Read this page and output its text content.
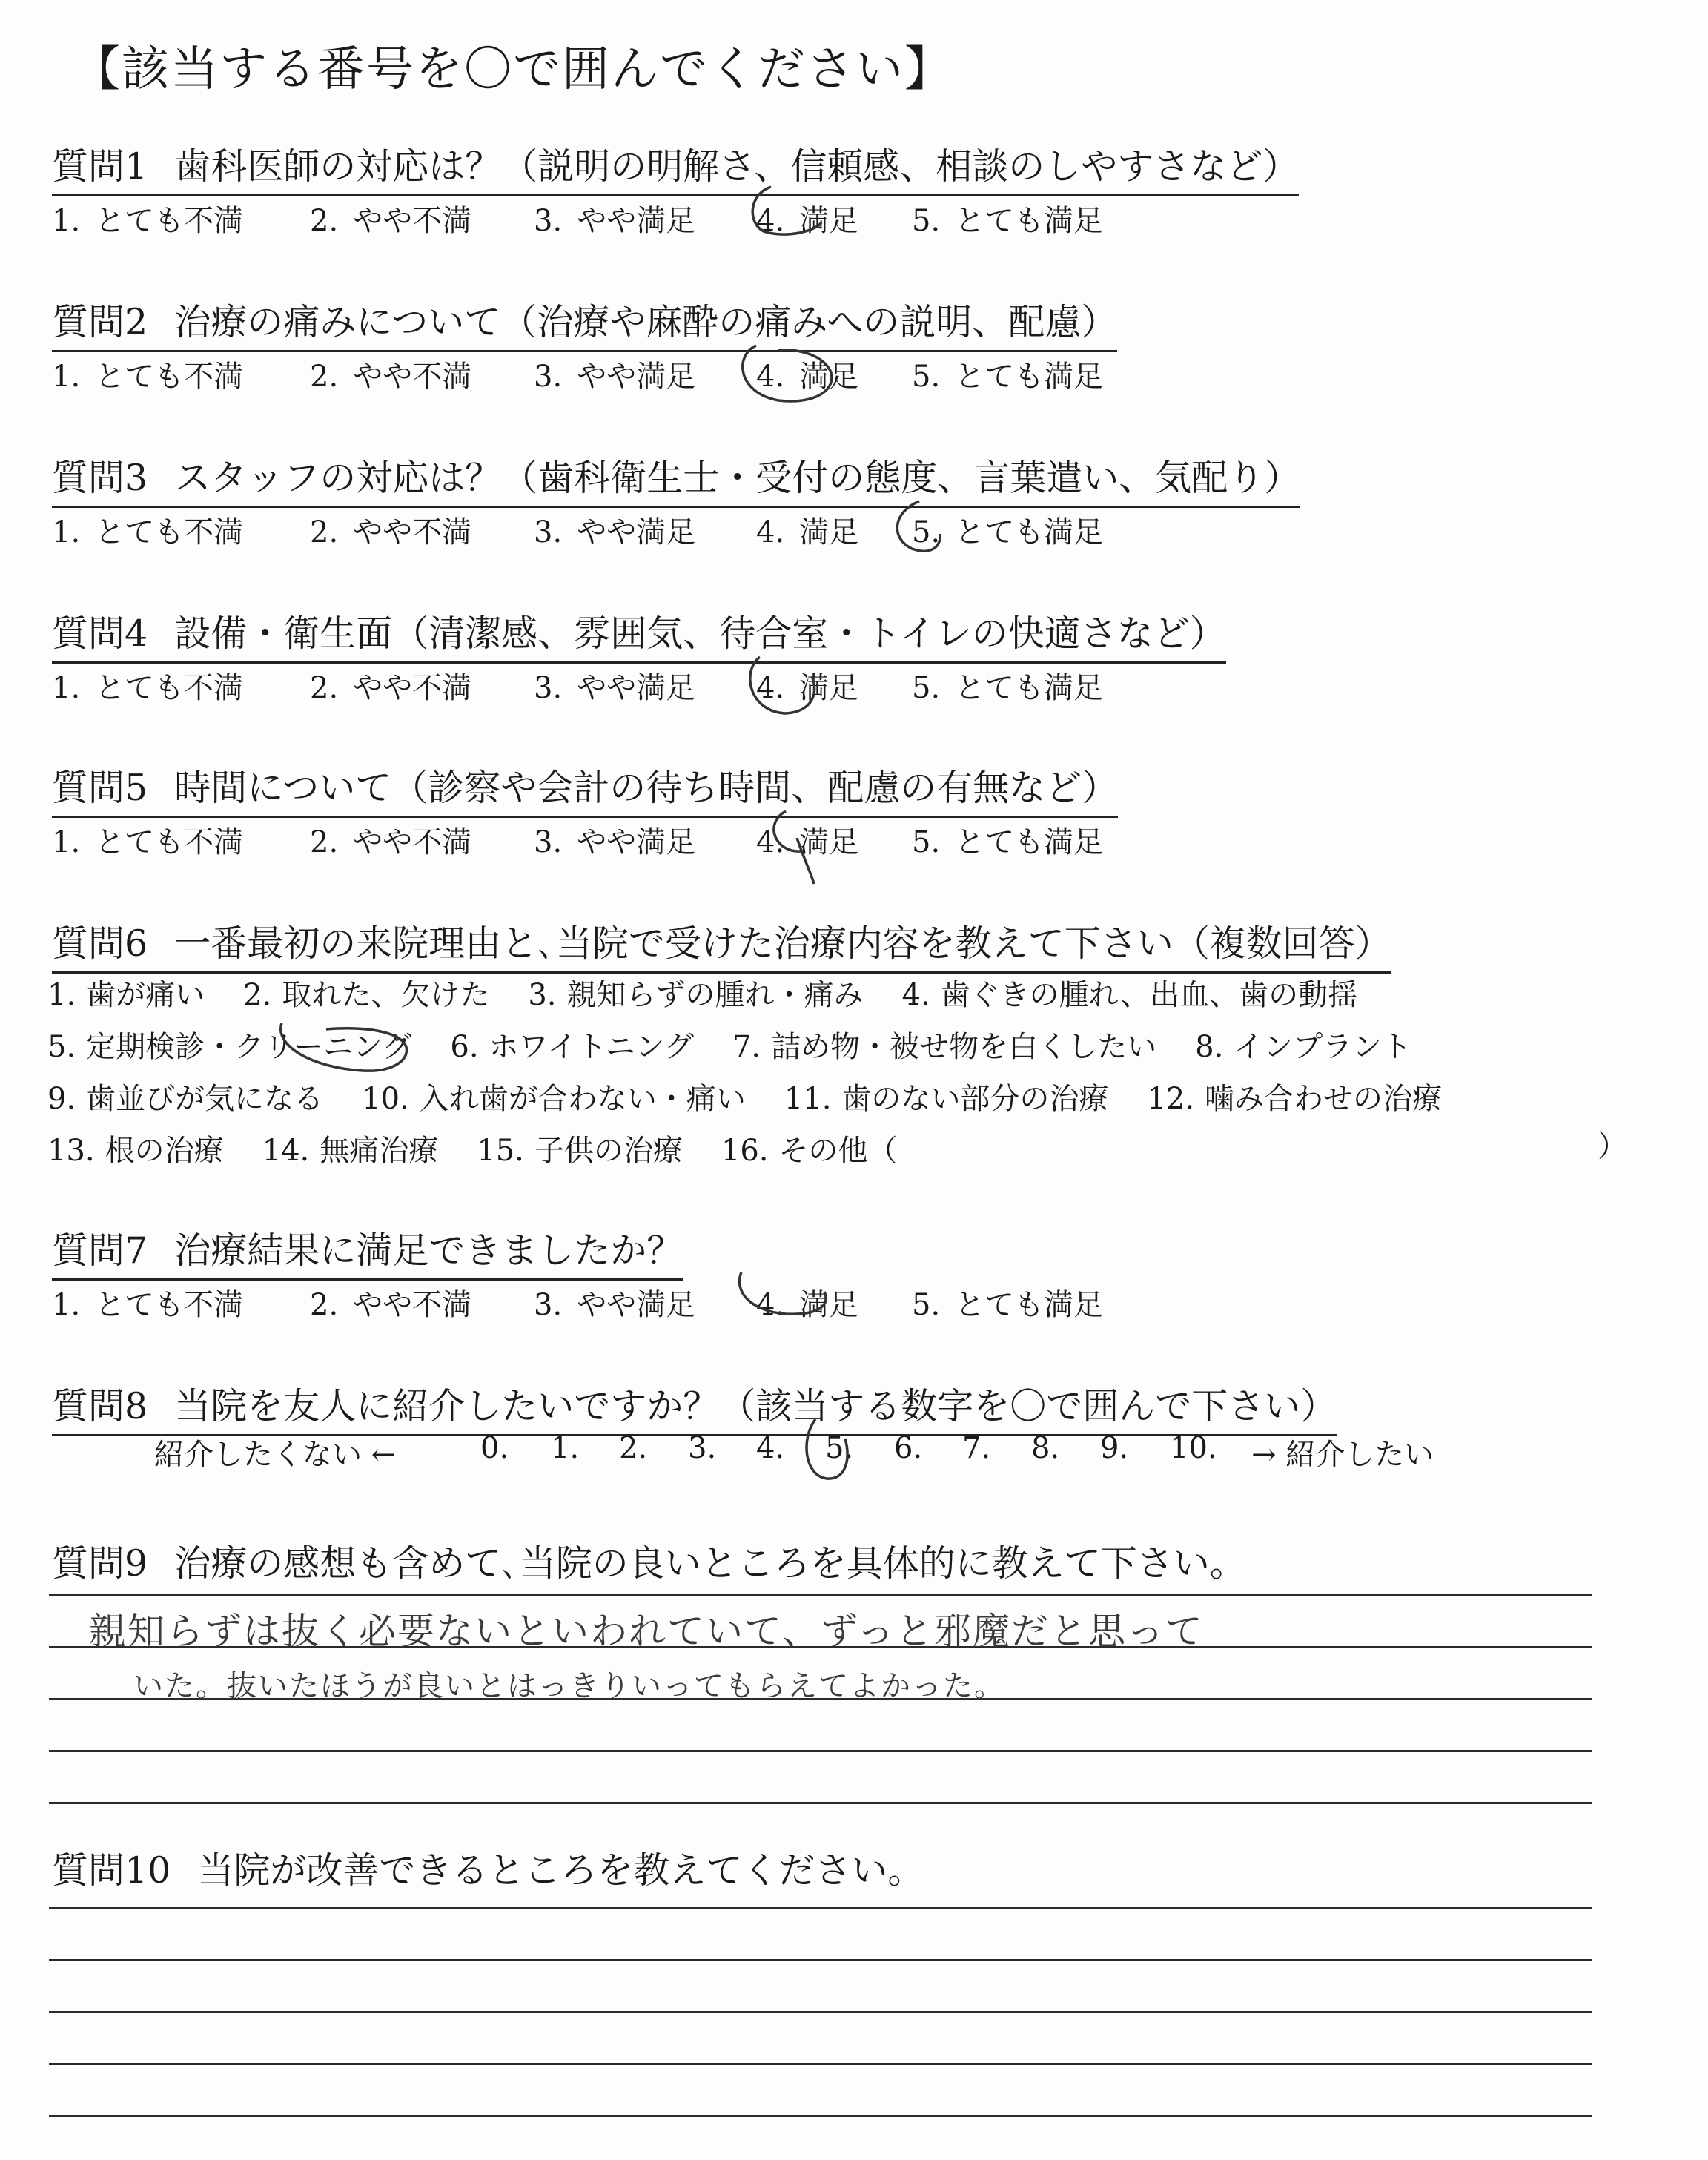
【該当する番号を〇で囲んでください】
質問1 歯科医師の対応は？（説明の明解さ、信頼感、相談のしやすさなど）
1. とても不満 2. やや不満 3. やや満足 4. 満足 5. とても満足
質問2 治療の痛みについて（治療や麻酔の痛みへの説明、配慮）
1. とても不満 2. やや不満 3. やや満足 4. 満足 5. とても満足
質問3 スタッフの対応は？（歯科衛生士・受付の態度、言葉遣い、気配り）
1. とても不満 2. やや不満 3. やや満足 4. 満足 5. とても満足
質問4 設備・衛生面（清潔感、雰囲気、待合室・トイレの快適さなど）
1. とても不満 2. やや不満 3. やや満足 4. 満足 5. とても満足
質問5 時間について（診察や会計の待ち時間、配慮の有無など）
1. とても不満 2. やや不満 3. やや満足 4. 満足 5. とても満足
質問6 一番最初の来院理由と､当院で受けた治療内容を教えて下さい（複数回答）
1. 歯が痛い 2. 取れた、欠けた 3. 親知らずの腫れ・痛み 4. 歯ぐきの腫れ、出血、歯の動揺
5. 定期検診・クリーニング 6. ホワイトニング 7. 詰め物・被せ物を白くしたい 8. インプラント
9. 歯並びが気になる 10. 入れ歯が合わない・痛い 11. 歯のない部分の治療 12. 噛み合わせの治療
13. 根の治療 14. 無痛治療 15. 子供の治療 16. その他（	）
質問7 治療結果に満足できましたか？
1. とても不満 2. やや不満 3. やや満足 4. 満足 5. とても満足
質問8 当院を友人に紹介したいですか？（該当する数字を〇で囲んで下さい）
紹介したくない ←	0. 1. 2. 3. 4. 5. 6. 7. 8. 9. 10. → 紹介したい
質問9 治療の感想も含めて､当院の良いところを具体的に教えて下さい。
親知らずは抜く必要ないといわれていて、ずっと邪魔だと思って
いた。抜いたほうが良いとはっきりいってもらえてよかった。
質問10 当院が改善できるところを教えてください。
